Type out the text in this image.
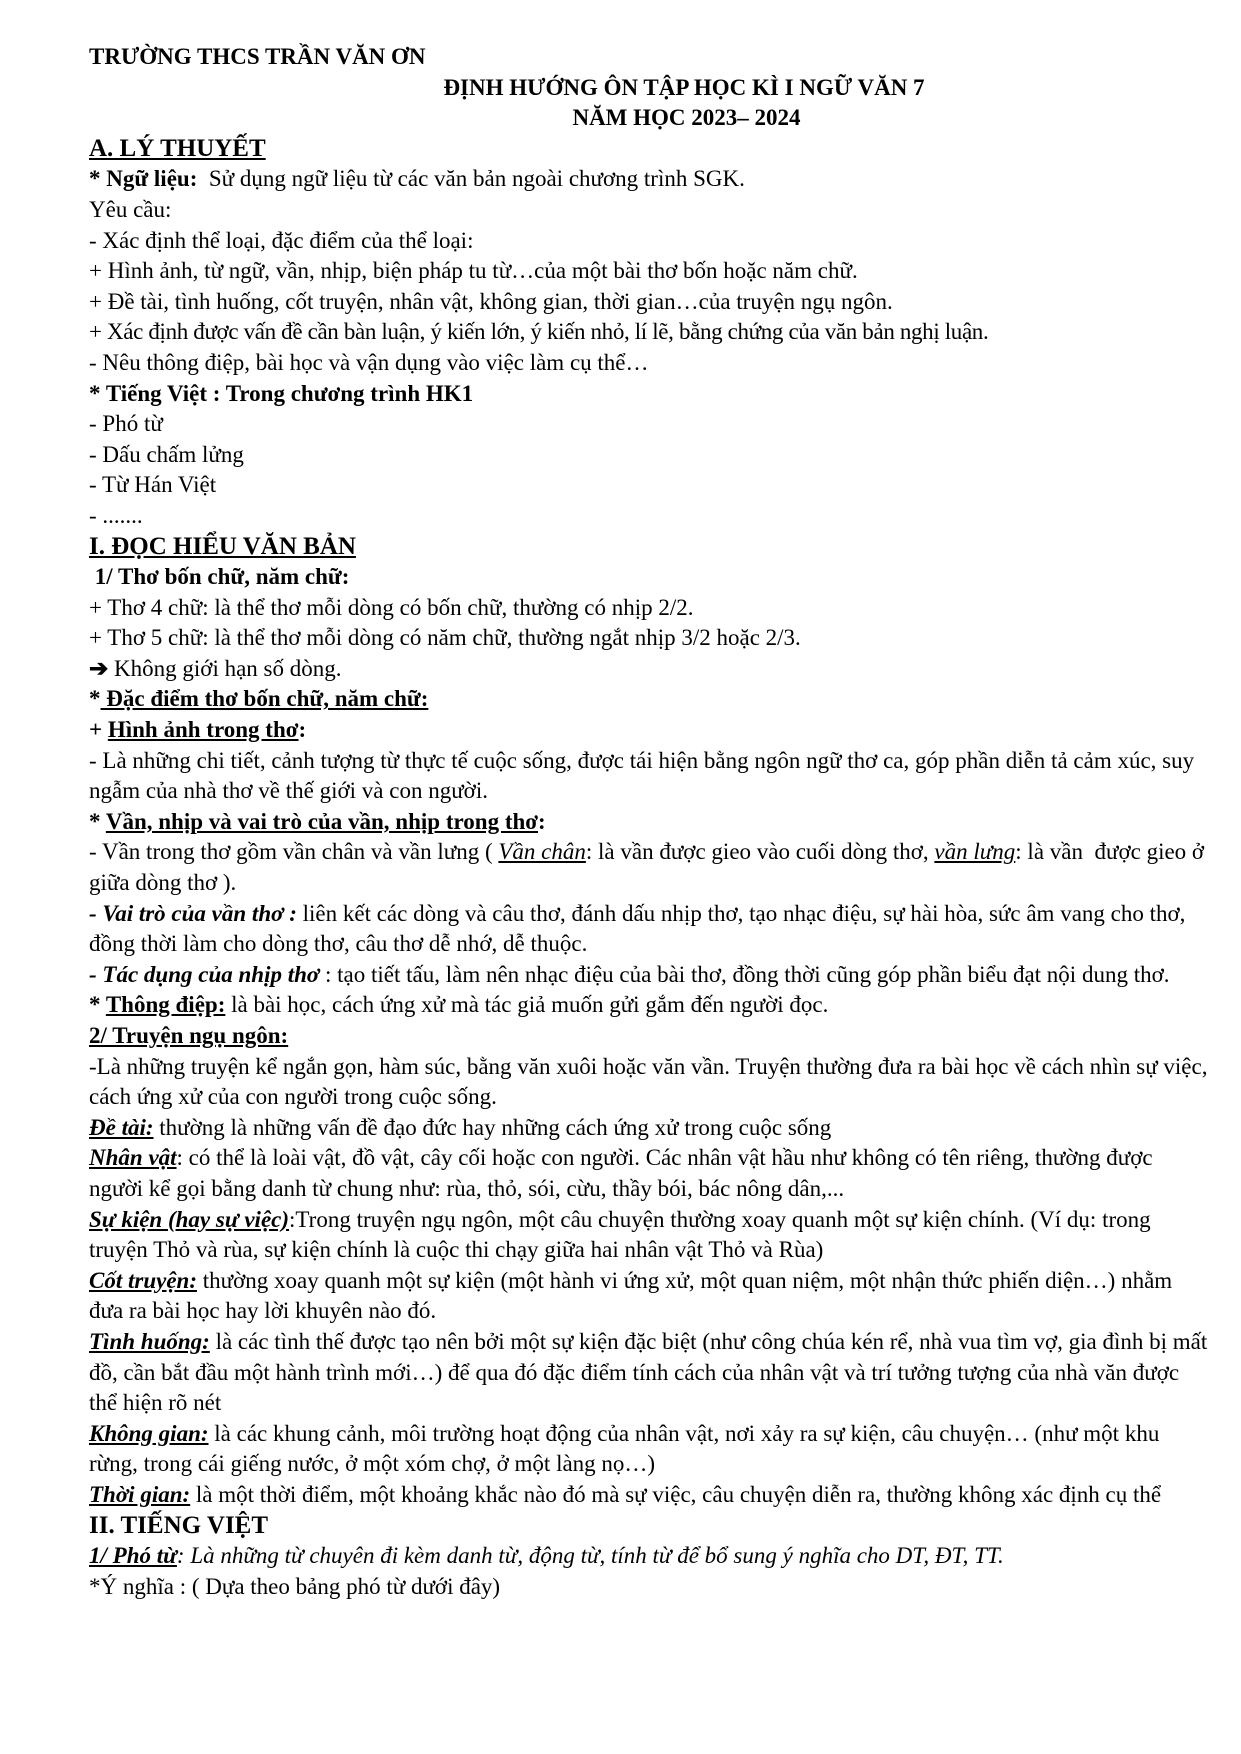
TRƯỜNG THCS TRẦN VĂN ƠN

ĐỊNH HƯỚNG ÔN TẬP HỌC KÌ I NGỮ VĂN 7

NĂM HỌC 2023– 2024

A. LÝ THUYẾT

* Ngữ liệu:  Sử dụng ngữ liệu từ các văn bản ngoài chương trình SGK.

Yêu cầu:

- Xác định thể loại, đặc điểm của thể loại:

+ Hình ảnh, từ ngữ, vần, nhịp, biện pháp tu từ…của một bài thơ bốn hoặc năm chữ.

+ Đề tài, tình huống, cốt truyện, nhân vật, không gian, thời gian…của truyện ngụ ngôn.

+ Xác định được vấn đề cần bàn luận, ý kiến lớn, ý kiến nhỏ, lí lẽ, bằng chứng của văn bản nghị luận.

- Nêu thông điệp, bài học và vận dụng vào việc làm cụ thể…

* Tiếng Việt : Trong chương trình HK1

- Phó từ

- Dấu chấm lửng

- Từ Hán Việt

- .......

I. ĐỌC HIỂU VĂN BẢN

1/ Thơ bốn chữ, năm chữ:

+ Thơ 4 chữ: là thể thơ mỗi dòng có bốn chữ, thường có nhịp 2/2.

+ Thơ 5 chữ: là thể thơ mỗi dòng có năm chữ, thường ngắt nhịp 3/2 hoặc 2/3.

➔ Không giới hạn số dòng.

* Đặc điểm thơ bốn chữ, năm chữ:

+ Hình ảnh trong thơ:

- Là những chi tiết, cảnh tượng từ thực tế cuộc sống, được tái hiện bằng ngôn ngữ thơ ca, góp phần diễn tả cảm xúc, suy ngẫm của nhà thơ về thế giới và con người.

* Vần, nhịp và vai trò của vần, nhịp trong thơ:

- Vần trong thơ gồm vần chân và vần lưng ( Vần chân: là vần được gieo vào cuối dòng thơ, vần lưng: là vần  được gieo ở giữa dòng thơ ).

- Vai trò của vần thơ : liên kết các dòng và câu thơ, đánh dấu nhịp thơ, tạo nhạc điệu, sự hài hòa, sức âm vang cho thơ, đồng thời làm cho dòng thơ, câu thơ dễ nhớ, dễ thuộc.

- Tác dụng của nhịp thơ : tạo tiết tấu, làm nên nhạc điệu của bài thơ, đồng thời cũng góp phần biểu đạt nội dung thơ.

* Thông điệp: là bài học, cách ứng xử mà tác giả muốn gửi gắm đến người đọc.

2/ Truyện ngụ ngôn:

-Là những truyện kể ngắn gọn, hàm súc, bằng văn xuôi hoặc văn vần. Truyện thường đưa ra bài học về cách nhìn sự việc, cách ứng xử của con người trong cuộc sống.

Đề tài: thường là những vấn đề đạo đức hay những cách ứng xử trong cuộc sống

Nhân vật: có thể là loài vật, đồ vật, cây cối hoặc con người. Các nhân vật hầu như không có tên riêng, thường được người kể gọi bằng danh từ chung như: rùa, thỏ, sói, cừu, thầy bói, bác nông dân,...

Sự kiện (hay sự việc):Trong truyện ngụ ngôn, một câu chuyện thường xoay quanh một sự kiện chính. (Ví dụ: trong truyện Thỏ và rùa, sự kiện chính là cuộc thi chạy giữa hai nhân vật Thỏ và Rùa)

Cốt truyện: thường xoay quanh một sự kiện (một hành vi ứng xử, một quan niệm, một nhận thức phiến diện…) nhằm đưa ra bài học hay lời khuyên nào đó.

Tình huống: là các tình thế được tạo nên bởi một sự kiện đặc biệt (như công chúa kén rể, nhà vua tìm vợ, gia đình bị mất đồ, cần bắt đầu một hành trình mới…) để qua đó đặc điểm tính cách của nhân vật và trí tưởng tượng của nhà văn được thể hiện rõ nét

Không gian: là các khung cảnh, môi trường hoạt động của nhân vật, nơi xảy ra sự kiện, câu chuyện… (như một khu rừng, trong cái giếng nước, ở một xóm chợ, ở một làng nọ…)

Thời gian: là một thời điểm, một khoảng khắc nào đó mà sự việc, câu chuyện diễn ra, thường không xác định cụ thể

II. TIẾNG VIỆT

1/ Phó từ: Là những từ chuyên đi kèm danh từ, động từ, tính từ để bổ sung ý nghĩa cho DT, ĐT, TT.

*Ý nghĩa : ( Dựa theo bảng phó từ dưới đây)
